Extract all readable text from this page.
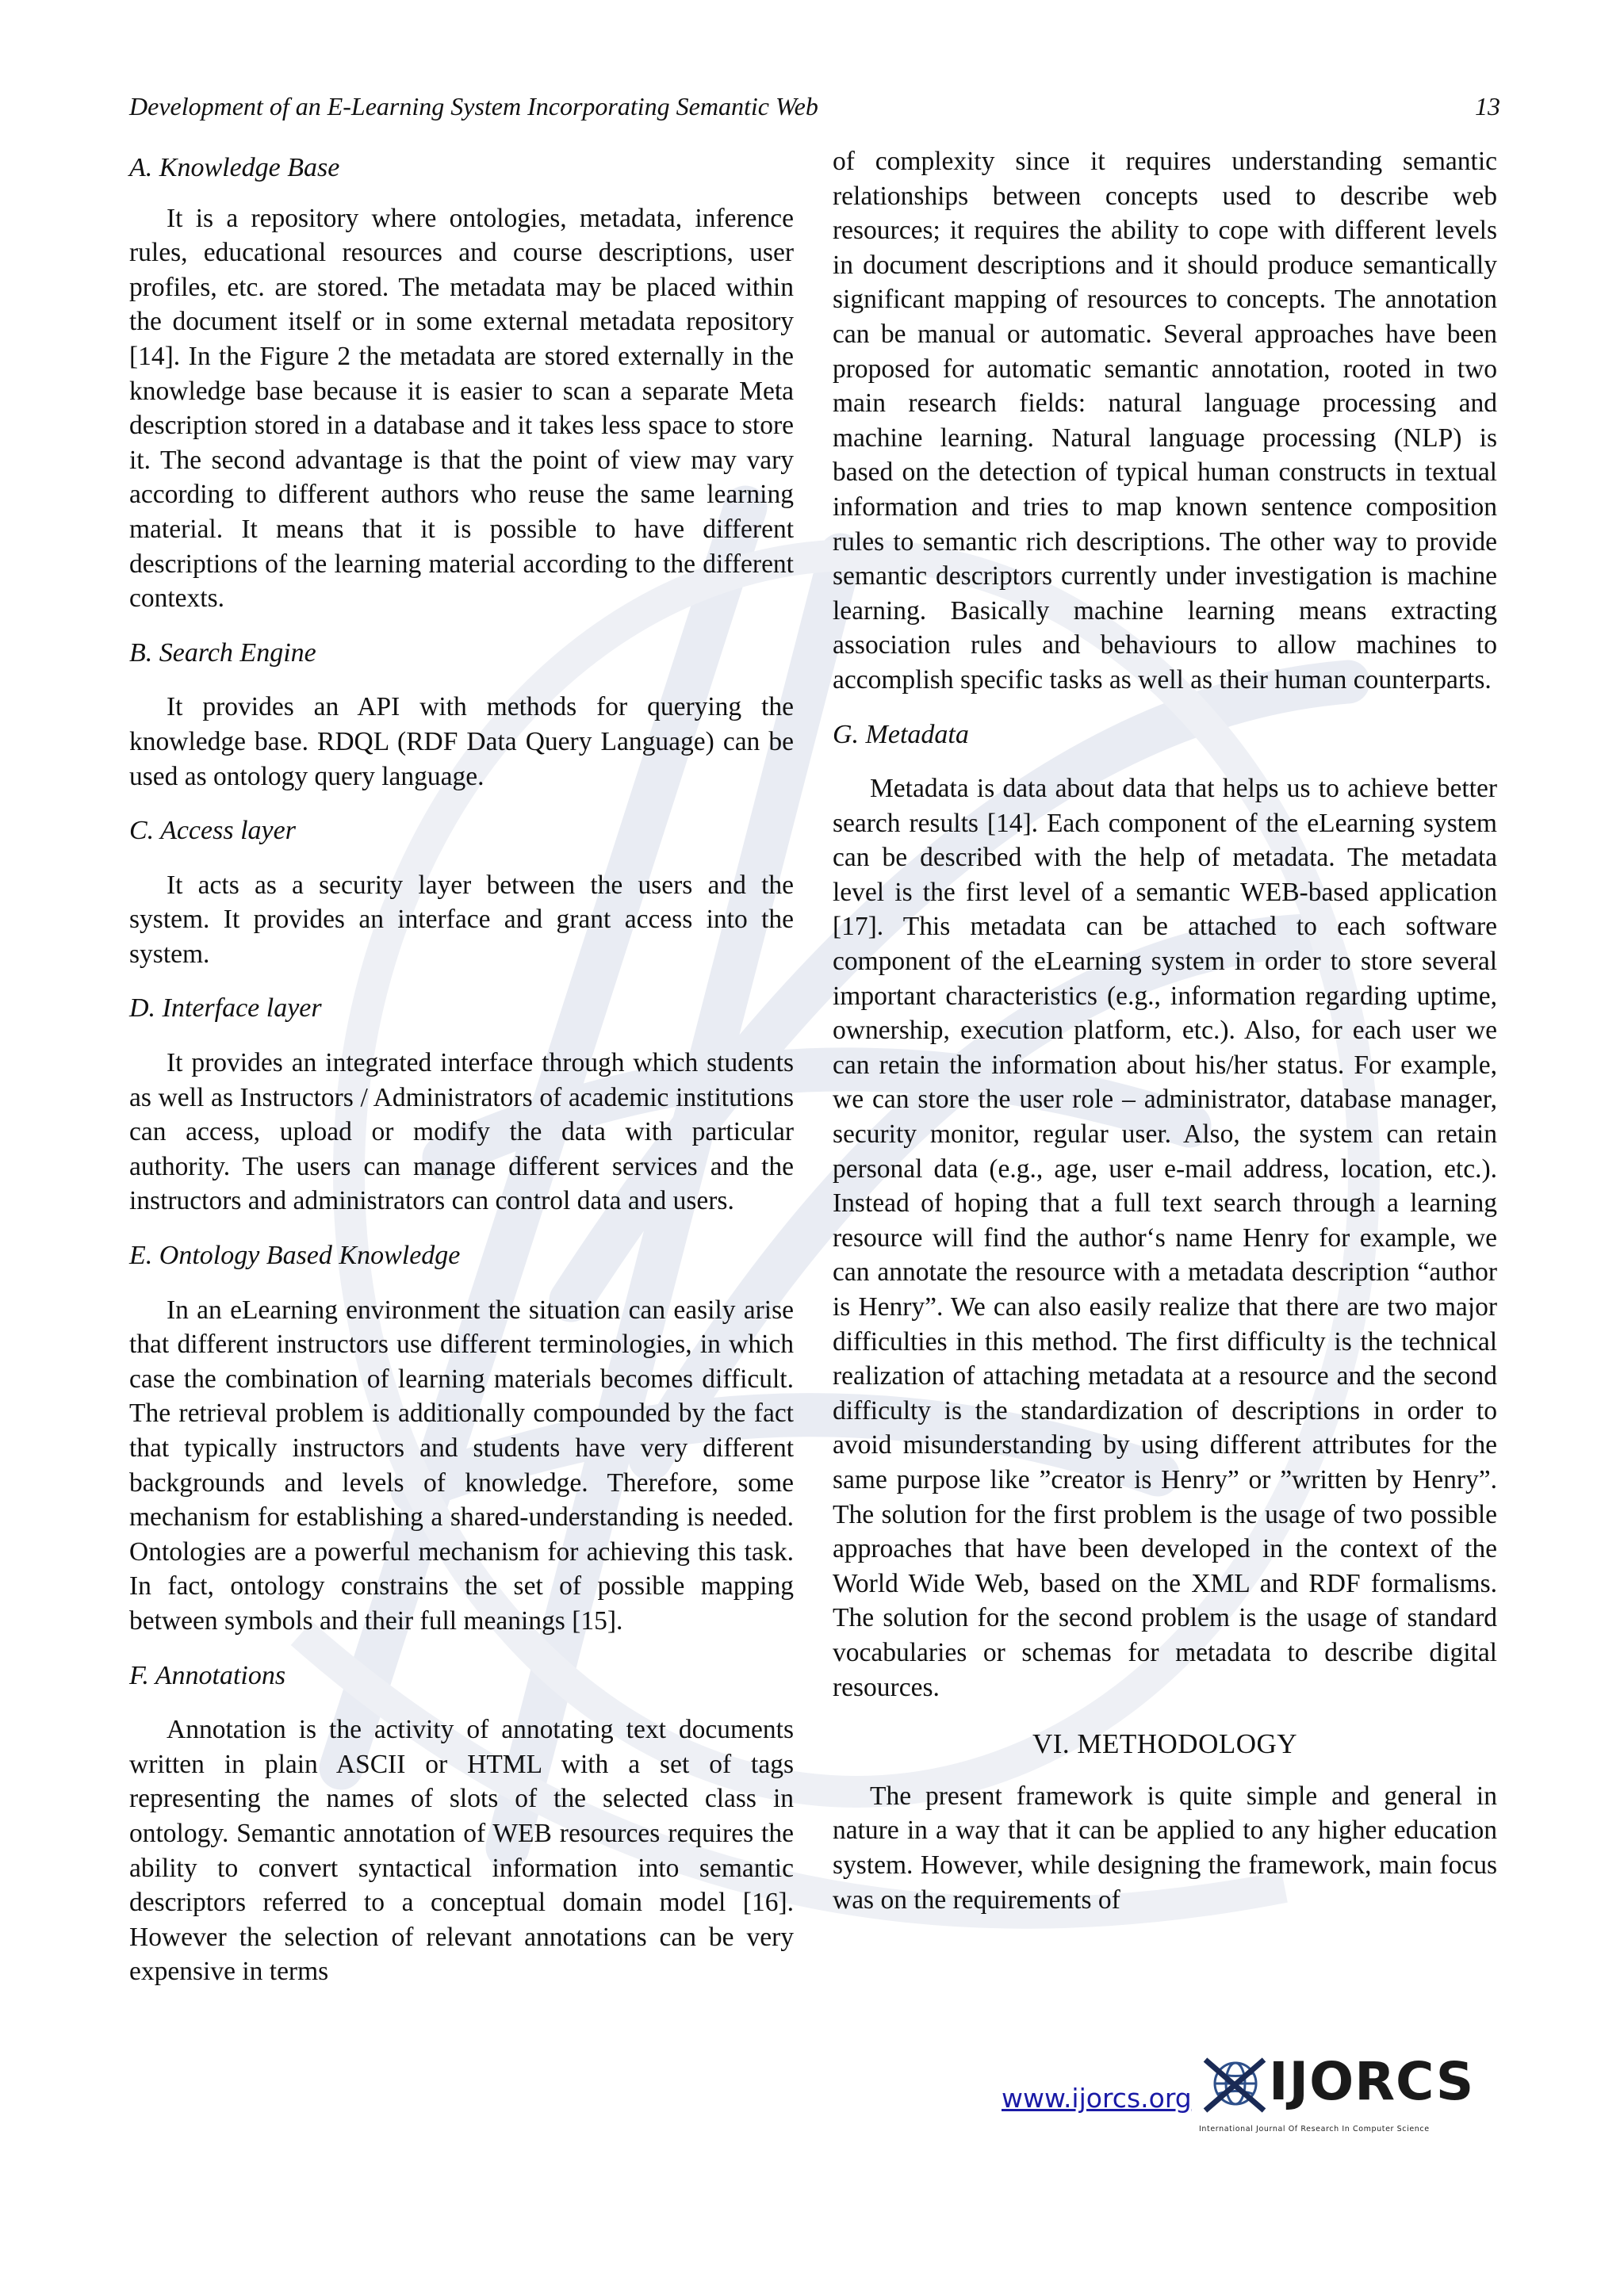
Development of an E-Learning System Incorporating Semantic Web	13
A. Knowledge Base

It is a repository where ontologies, metadata, inference rules, educational resources and course descriptions, user profiles, etc. are stored. The metadata may be placed within the document itself or in some external metadata repository [14]. In the Figure 2 the metadata are stored externally in the knowledge base because it is easier to scan a separate Meta description stored in a database and it takes less space to store it. The second advantage is that the point of view may vary according to different authors who reuse the same learning material. It means that it is possible to have different descriptions of the learning material according to the different contexts.

B. Search Engine

It provides an API with methods for querying the knowledge base. RDQL (RDF Data Query Language) can be used as ontology query language.

C. Access layer

It acts as a security layer between the users and the system. It provides an interface and grant access into the system.

D. Interface layer

It provides an integrated interface through which students as well as Instructors / Administrators of academic institutions can access, upload or modify the data with particular authority. The users can manage different services and the instructors and administrators can control data and users.

E. Ontology Based Knowledge

In an eLearning environment the situation can easily arise that different instructors use different terminologies, in which case the combination of learning materials becomes difficult. The retrieval problem is additionally compounded by the fact that typically instructors and students have very different backgrounds and levels of knowledge. Therefore, some mechanism for establishing a shared-understanding is needed. Ontologies are a powerful mechanism for achieving this task. In fact, ontology constrains the set of possible mapping between symbols and their full meanings [15].

F. Annotations

Annotation is the activity of annotating text documents written in plain ASCII or HTML with a set of tags representing the names of slots of the selected class in ontology. Semantic annotation of WEB resources requires the ability to convert syntactical information into semantic descriptors referred to a conceptual domain model [16]. However the selection of relevant annotations can be very expensive in terms

of complexity since it requires understanding semantic relationships between concepts used to describe web resources; it requires the ability to cope with different levels in document descriptions and it should produce semantically significant mapping of resources to concepts. The annotation can be manual or automatic. Several approaches have been proposed for automatic semantic annotation, rooted in two main research fields: natural language processing and machine learning. Natural language processing (NLP) is based on the detection of typical human constructs in textual information and tries to map known sentence composition rules to semantic rich descriptions. The other way to provide semantic descriptors currently under investigation is machine learning. Basically machine learning means extracting association rules and behaviours to allow machines to accomplish specific tasks as well as their human counterparts.

G. Metadata

Metadata is data about data that helps us to achieve better search results [14]. Each component of the eLearning system can be described with the help of metadata. The metadata level is the first level of a semantic WEB-based application [17]. This metadata can be attached to each software component of the eLearning system in order to store several important characteristics (e.g., information regarding uptime, ownership, execution platform, etc.). Also, for each user we can retain the information about his/her status. For example, we can store the user role – administrator, database manager, security monitor, regular user. Also, the system can retain personal data (e.g., age, user e-mail address, location, etc.). Instead of hoping that a full text search through a learning resource will find the author‘s name Henry for example, we can annotate the resource with a metadata description “author is Henry”. We can also easily realize that there are two major difficulties in this method. The first difficulty is the technical realization of attaching metadata at a resource and the second difficulty is the standardization of descriptions in order to avoid misunderstanding by using different attributes for the same purpose like ”creator is Henry” or ”written by Henry”. The solution for the first problem is the usage of two possible approaches that have been developed in the context of the World Wide Web, based on the XML and RDF formalisms. The solution for the second problem is the usage of standard vocabularies or schemas for metadata to describe digital resources.

VI. METHODOLOGY

The present framework is quite simple and general in nature in a way that it can be applied to any higher education system. However, while designing the framework, main focus was on the requirements of

www.ijorcs.org IJORCS
International Journal Of Research In Computer Science
